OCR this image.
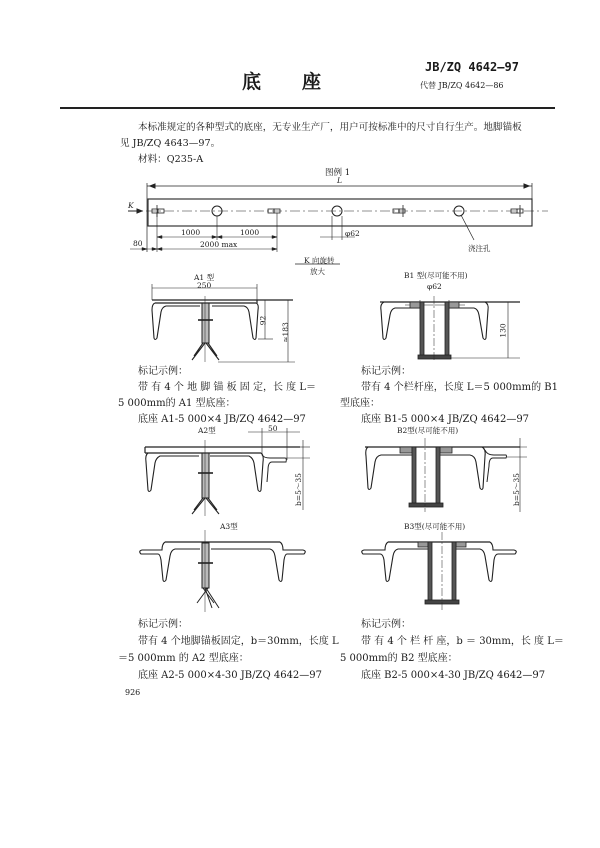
底 座
JB/ZQ 4642—97
代替 JB/ZQ 4642—86
本标准规定的各种型式的底座，无专业生产厂，用户可按标准中的尺寸自行生产。地脚锚板
见 JB/ZQ 4643—97。
材料：Q235-A
图例 1
L
K
1000	1000
2000 max
80
φ62
浇注孔
K 向旋转
放大
A1 型
250
92
≈183
B1 型(尽可能不用)
φ62
130
A2型	50
b=5～35
B2型(尽可能不用)
b=5～35
A3型	B3型(尽可能不用)
标记示例：
带 有 4 个 地 脚 锚 板 固 定，长 度 L＝
5 000mm的 A1 型底座：
底座 A1-5 000×4 JB/ZQ 4642—97
标记示例：
带有 4 个栏杆座，长度 L＝5 000mm的 B1
型底座：
底座 B1-5 000×4 JB/ZQ 4642—97
标记示例：
带有 4 个地脚锚板固定，b＝30mm，长度 L
＝5 000mm 的 A2 型底座：
底座 A2-5 000×4-30 JB/ZQ 4642—97
标记示例：
带 有 4 个 栏 杆 座，b ＝ 30mm，长 度 L＝
5 000mm的 B2 型底座：
底座 B2-5 000×4-30 JB/ZQ 4642—97
926
